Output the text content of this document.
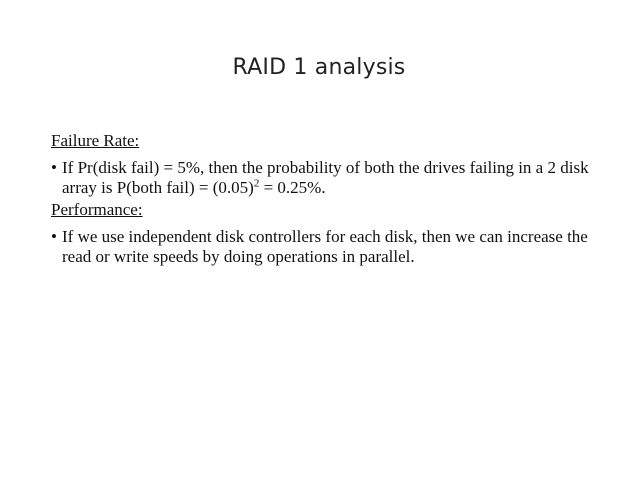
RAID 1 analysis
Failure Rate:
• If Pr(disk fail) = 5%, then the probability of both the drives failing in a 2 disk array is P(both fail) = $(0.05)^2 = 0.25\%$.
Performance:
• If we use independent disk controllers for each disk, then we can increase the read or write speeds by doing operations in parallel.
